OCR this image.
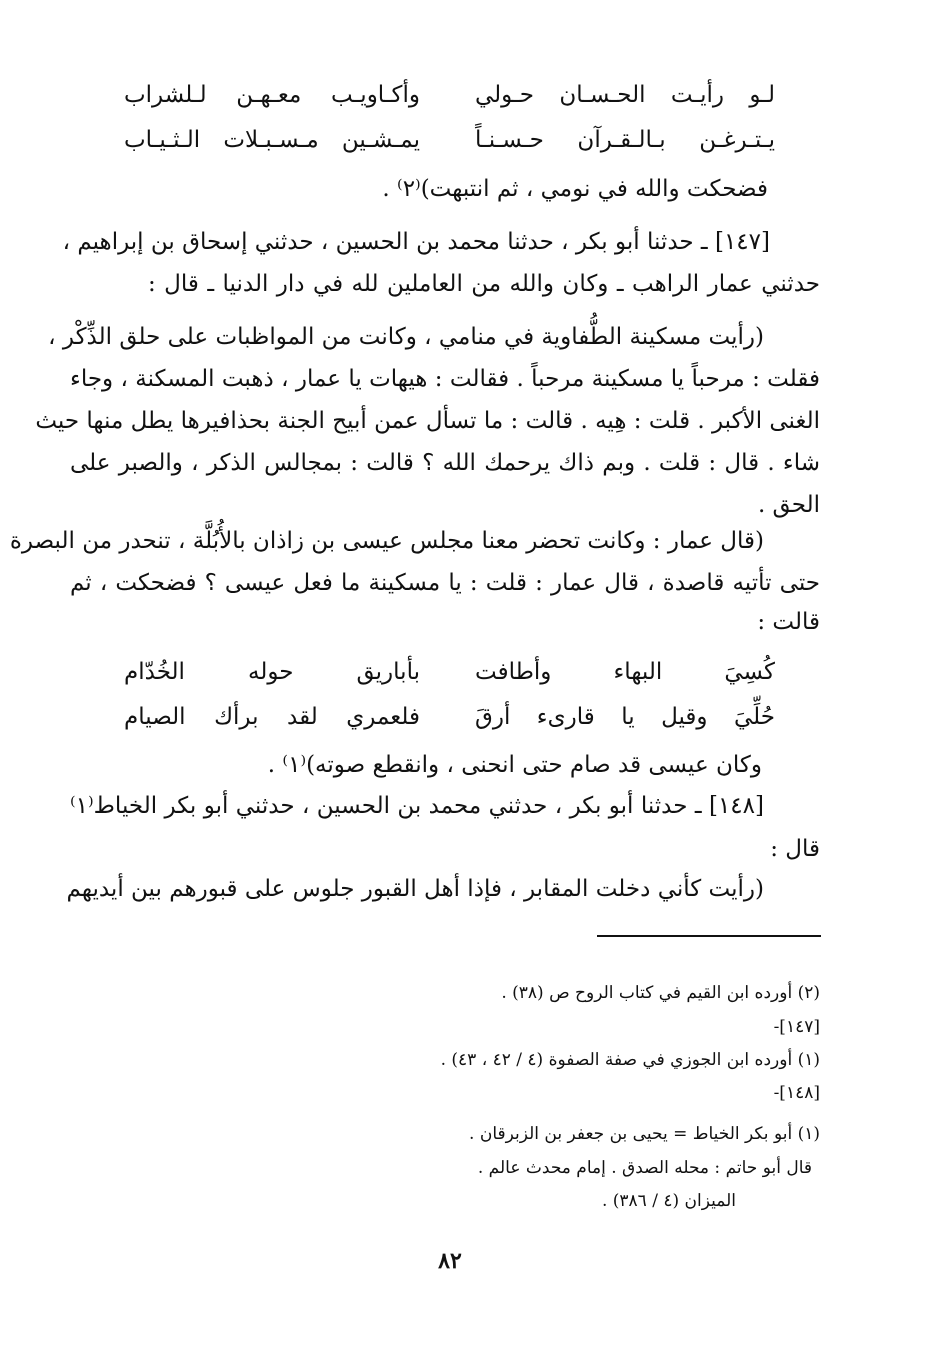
لـو رأيـت الحـسـان حـولي
وأكـاويـب معـهـن لـلشراب
يـتـرغـن بـالـقـرآن حـسـنـاً
يمـشـين مـسـبـلات الـثـيـاب
فضحكت والله في نومي ، ثم انتبهت)⁽٢⁾ .
[١٤٧] ـ حدثنا أبو بكر ، حدثنا محمد بن الحسين ، حدثني إسحاق بن إبراهيم ،
حدثني عمار الراهب ـ وكان والله من العاملين لله في دار الدنيا ـ قال :
(رأيت مسكينة الطُّفاوية في منامي ، وكانت من المواظبات على حلق الذِّكْر ،
فقلت : مرحباً يا مسكينة مرحباً . فقالت : هيهات يا عمار ، ذهبت المسكنة ، وجاء
الغنى الأكبر . قلت : هِيه . قالت : ما تسأل عمن أبيح الجنة بحذافيرها يطل منها حيث
شاء . قال : قلت . وبم ذاك يرحمك الله ؟ قالت : بمجالس الذكر ، والصبر على
الحق .
(قال عمار : وكانت تحضر معنا مجلس عيسى بن زاذان بالأُبُلَّة ، تنحدر من البصرة
حتى تأتيه قاصدة ، قال عمار : قلت : يا مسكينة ما فعل عيسى ؟ فضحكت ، ثم
قالت :
كُسِيَ البهاء وأطافت
بأباريق حوله الخُدّام
حُلِّيَ وقيل يا قارىء أرقَ
فلعمري لقد برأك الصيام
وكان عيسى قد صام حتى انحنى ، وانقطع صوته)⁽١⁾ .
[١٤٨] ـ حدثنا أبو بكر ، حدثني محمد بن الحسين ، حدثني أبو بكر الخياط⁽١⁾
قال :
(رأيت كأني دخلت المقابر ، فإذا أهل القبور جلوس على قبورهم بين أيديهم
(٢) أورده ابن القيم في كتاب الروح ص (٣٨) .
[١٤٧]-
(١) أورده ابن الجوزي في صفة الصفوة (٤ / ٤٢ ، ٤٣) .
[١٤٨]-
(١) أبو بكر الخياط = يحيى بن جعفر بن الزبرقان .
قال أبو حاتم : محله الصدق . إمام محدث عالم .
الميزان (٤ / ٣٨٦) .
٨٢
